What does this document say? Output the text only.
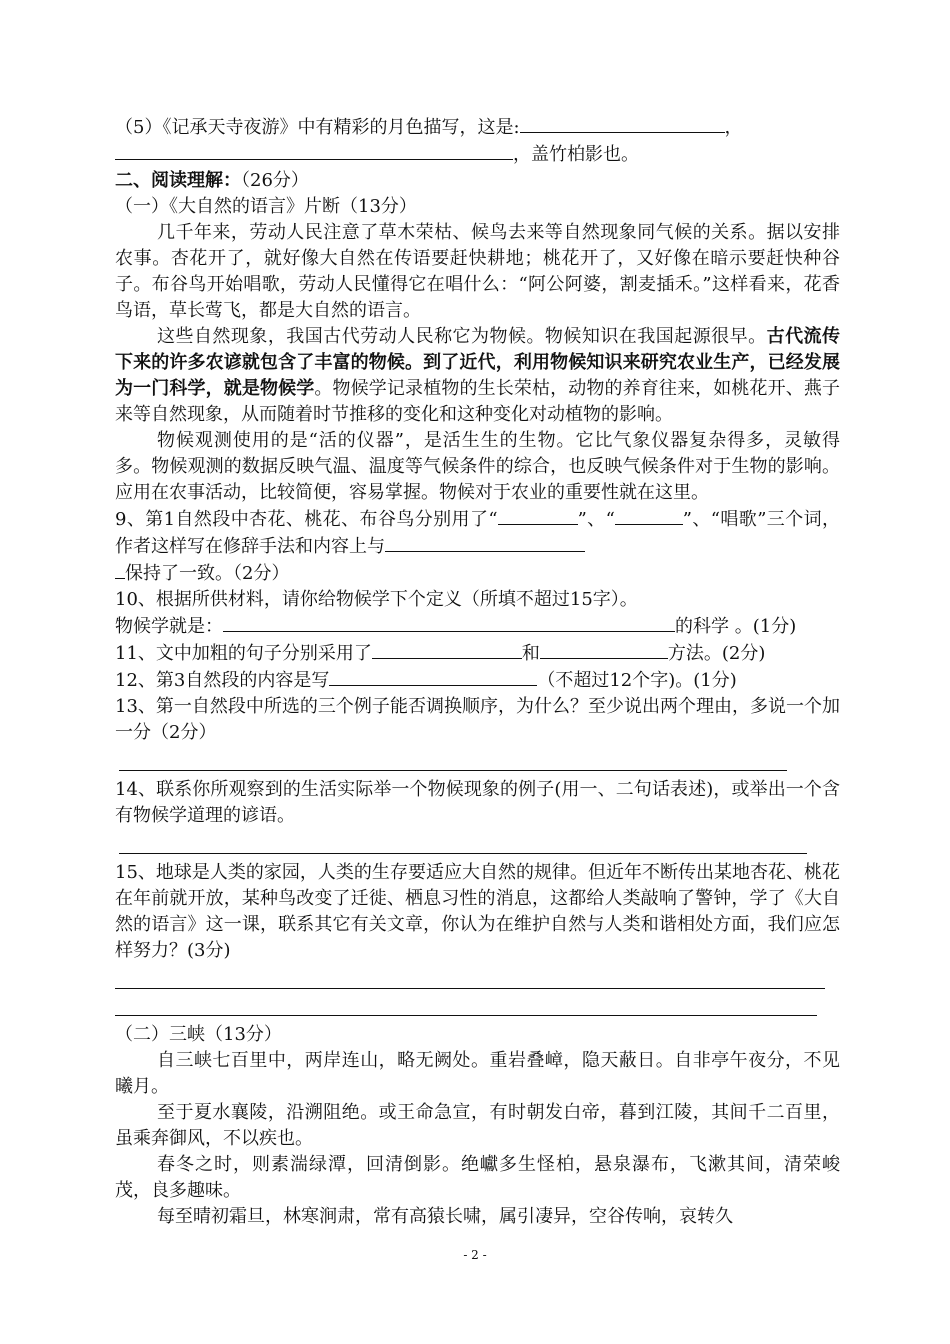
（5）《记承天寺夜游》中有精彩的月色描写，这是:	，
，盖竹柏影也。

二、阅读理解：（26分）

（一）《大自然的语言》片断（13分）

几千年来，劳动人民注意了草木荣枯、候鸟去来等自然现象同气候的关系。据以安排农事。杏花开了，就好像大自然在传语要赶快耕地；桃花开了，又好像在暗示要赶快种谷子。布谷鸟开始唱歌，劳动人民懂得它在唱什么：“阿公阿婆，割麦插禾。”这样看来，花香鸟语，草长莺飞，都是大自然的语言。

这些自然现象，我国古代劳动人民称它为物候。物候知识在我国起源很早。古代流传下来的许多农谚就包含了丰富的物候。到了近代，利用物候知识来研究农业生产，已经发展为一门科学，就是物候学。物候学记录植物的生长荣枯，动物的养育往来，如桃花开、燕子来等自然现象，从而随着时节推移的变化和这种变化对动植物的影响。

物候观测使用的是“活的仪器”，是活生生的生物。它比气象仪器复杂得多，灵敏得多。物候观测的数据反映气温、温度等气候条件的综合，也反映气候条件对于生物的影响。应用在农事活动，比较简便，容易掌握。物候对于农业的重要性就在这里。

9、第1自然段中杏花、桃花、布谷鸟分别用了“	”、“	”、“唱歌”三个词，作者这样写在修辞手法和内容上与
保持了一致。（2分）

10、根据所供材料，请你给物候学下个定义（所填不超过15字）。
物候学就是：	的科学 。(1分)

11、文中加粗的句子分别采用了	和	方法。(2分)

12、第3自然段的内容是写	（不超过12个字)。(1分)

13、第一自然段中所选的三个例子能否调换顺序，为什么？至少说出两个理由，多说一个加一分（2分）

14、联系你所观察到的生活实际举一个物候现象的例子(用一、二句话表述)，或举出一个含有物候学道理的谚语。

15、地球是人类的家园，人类的生存要适应大自然的规律。但近年不断传出某地杏花、桃花在年前就开放，某种鸟改变了迁徙、栖息习性的消息，这都给人类敲响了警钟，学了《大自然的语言》这一课，联系其它有关文章，你认为在维护自然与人类和谐相处方面，我们应怎样努力？(3分)

（二）三峡（13分）

自三峡七百里中，两岸连山，略无阙处。重岩叠嶂，隐天蔽日。自非亭午夜分，不见曦月。

至于夏水襄陵，沿溯阻绝。或王命急宣，有时朝发白帝，暮到江陵，其间千二百里，虽乘奔御风，不以疾也。

春冬之时，则素湍绿潭，回清倒影。绝巘多生怪柏，悬泉瀑布，飞漱其间，清荣峻茂，良多趣味。

每至晴初霜旦，林寒涧肃，常有高猿长啸，属引凄异，空谷传响，哀转久

- 2 -
